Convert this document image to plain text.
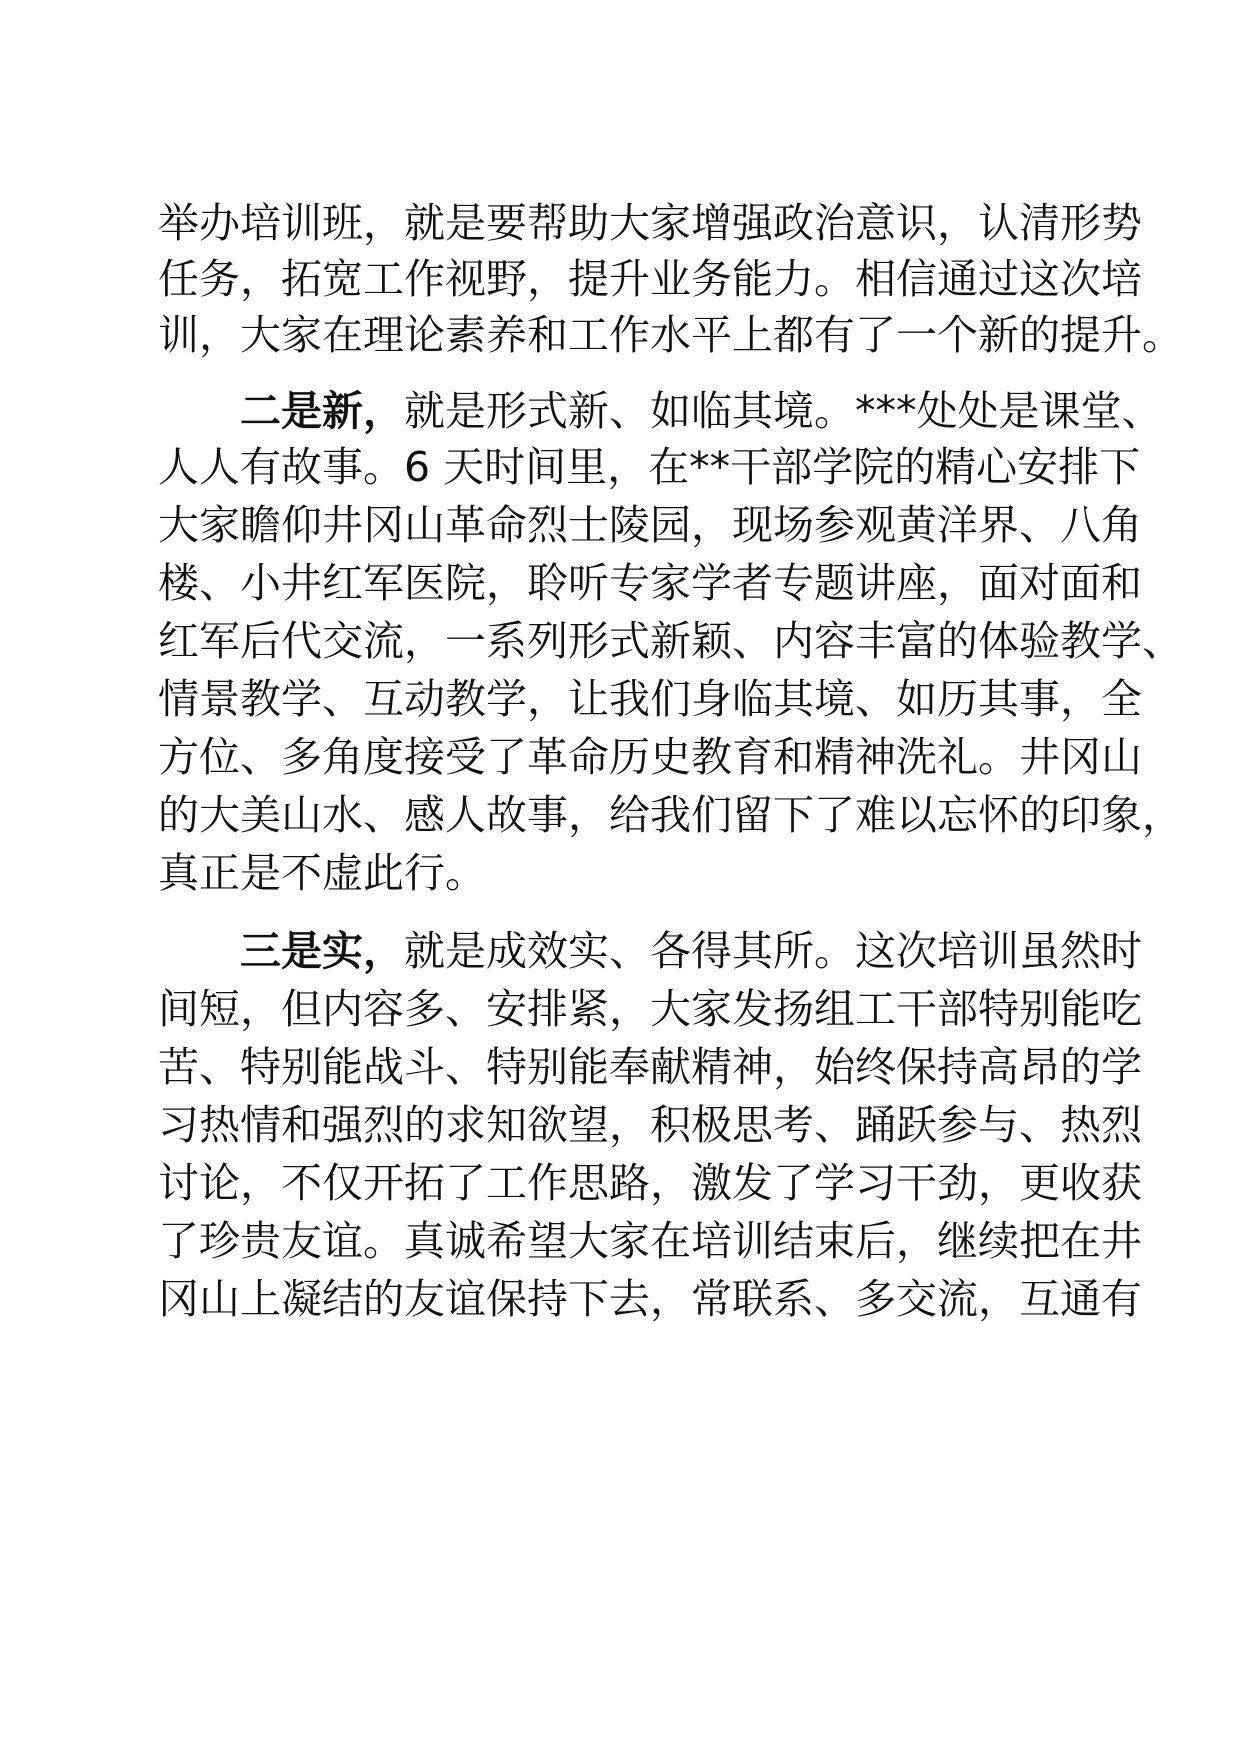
举办培训班，就是要帮助大家增强政治意识，认清形势
任务，拓宽工作视野，提升业务能力。相信通过这次培
训，大家在理论素养和工作水平上都有了一个新的提升。
二是新，就是形式新、如临其境。***处处是课堂、
人人有故事。6 天时间里，在**干部学院的精心安排下
大家瞻仰井冈山革命烈士陵园，现场参观黄洋界、八角
楼、小井红军医院，聆听专家学者专题讲座，面对面和
红军后代交流，一系列形式新颖、内容丰富的体验教学、
情景教学、互动教学，让我们身临其境、如历其事，全
方位、多角度接受了革命历史教育和精神洗礼。井冈山
的大美山水、感人故事，给我们留下了难以忘怀的印象，
真正是不虚此行。
三是实，就是成效实、各得其所。这次培训虽然时
间短，但内容多、安排紧，大家发扬组工干部特别能吃
苦、特别能战斗、特别能奉献精神，始终保持高昂的学
习热情和强烈的求知欲望，积极思考、踊跃参与、热烈
讨论，不仅开拓了工作思路，激发了学习干劲，更收获
了珍贵友谊。真诚希望大家在培训结束后，继续把在井
冈山上凝结的友谊保持下去，常联系、多交流，互通有
